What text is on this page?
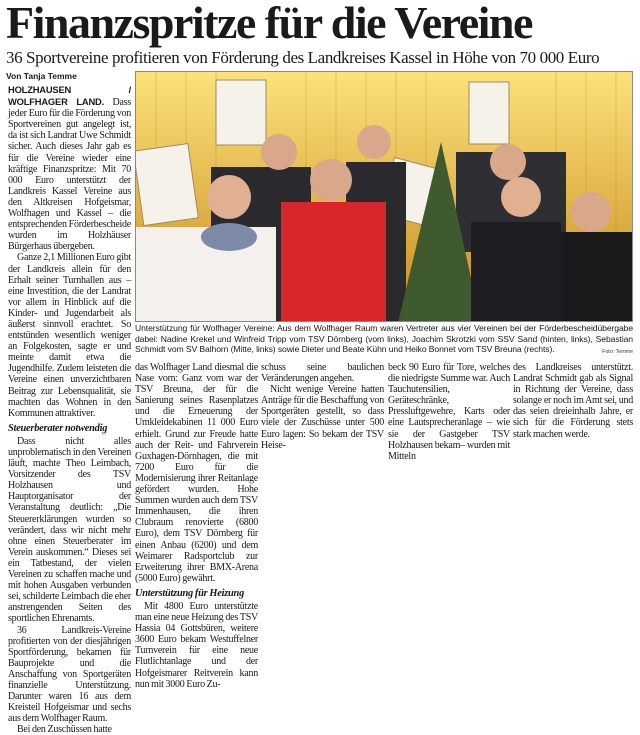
Finanzspritze für die Vereine
36 Sportvereine profitieren von Förderung des Landkreises Kassel in Höhe von 70 000 Euro
Von Tanja Temme

HOLZHAUSEN / WOLFHAGER LAND. Dass jeder Euro für die Förderung von Sportvereinen gut angelegt ist, da ist sich Landrat Uwe Schmidt sicher. Auch dieses Jahr gab es für die Vereine wieder eine kräftige Finanzspritze: Mit 70 000 Euro unterstützt der Landkreis Kassel Vereine aus den Altkreisen Hofgeismar, Wolfhagen und Kassel – die entsprechenden Förderbescheide wurden im Holzhäuser Bürgerhaus übergeben.

Ganze 2,1 Millionen Euro gibt der Landkreis allein für den Erhalt seiner Turnhallen aus – eine Investition, die der Landrat vor allem in Hinblick auf die Kinder- und Jugendarbeit als äußerst sinnvoll erachtet. So entstünden wesentlich weniger an Folgekosten, sagte er und meinte damit etwa die Jugendhilfe. Zudem leisteten die Vereine einen unverzichtbaren Beitrag zur Lebensqualität, sie machten das Wohnen in den Kommunen attraktiver.

Steuerberater notwendig

Dass nicht alles unproblematisch in den Vereinen läuft, machte Theo Leimbach, Vorsitzender des TSV Holzhausen und Hauptorganisator der Veranstaltung deutlich: „Die Steuererklärungen wurden so verändert, dass wir nicht mehr ohne einen Steuerberater im Verein auskommen.“ Dieses sei ein Tatbestand, der vielen Vereinen zu schaffen mache und mit hohen Ausgaben verbunden sei, schilderte Leimbach die eher anstrengenden Seiten des sportlichen Ehrenamts.

36 Landkreis-Vereine profitierten von der diesjährigen Sportförderung, bekamen für Bauprojekte und die Anschaffung von Sportgeräten finanzielle Unterstützung. Darunter waren 16 aus dem Kreisteil Hofgeismar und sechs aus dem Wolfhager Raum.

Bei den Zuschüssen hatte

Unterstützung für Wolfhager Vereine: Aus dem Wolfhager Raum waren Vertreter aus vier Vereinen bei der Förderbescheidübergabe dabei: Nadine Krekel und Winfreid Tripp vom TSV Dörnberg (vom links), Joachim Skrotzki vom SSV Sand (hinten, links), Sebastian Schmidt vom SV Balhorn (Mitte, links) sowie Dieter und Beate Kühn und Heiko Bonnet vom TSV Breuna (rechts).	Foto: Temme

das Wolfhager Land diesmal die Nase vorn: Ganz vorn war der TSV Breuna, der für die Sanierung seines Rasenplatzes und die Erneuerung der Umkleidekabinen 11 000 Euro erhielt. Grund zur Freude hatte auch der Reit- und Fahrverein Guxhagen-Dörnhagen, die mit 7200 Euro für die Modernisierung ihrer Reitanlage gefördert wurden. Hohe Summen wurden auch dem TSV Immenhausen, die ihren Clubraum renovierte (6800 Euro), dem TSV Dörnberg für einen Anbau (6200) und dem Weimarer Radsportclub zur Erweiterung ihrer BMX-Arena (5000 Euro) gewährt.

Unterstützung für Heizung

Mit 4800 Euro unterstützte man eine neue Heizung des TSV Hassia 04 Gottsbüren, weitere 3600 Euro bekam Westuffelner Turnverein für eine neue Flutlichtanlage und der Hofgeismarer Reitverein kann nun mit 3000 Euro Zu-

schuss seine baulichen Veränderungen angehen.

Nicht wenige Vereine hatten Anträge für die Beschaffung von Sportgeräten gestellt, so dass viele der Zuschüsse unter 500 Euro lagen: So bekam der TSV Heise-

beck 90 Euro für Tore, welches die niedrigste Summe war. Auch Tauchutensilien, Geräteschränke, Pressluftgewehre, Karts oder eine Lautsprecheranlage – wie sie der Gastgeber TSV Holzhausen bekam– wurden mit Mitteln

des Landkreises unterstützt. Landrat Schmidt gab als Signal in Richtung der Vereine, dass solange er noch im Amt sei, und das seien dreieinhalb Jahre, er sich für die Förderung stets stark machen werde.
